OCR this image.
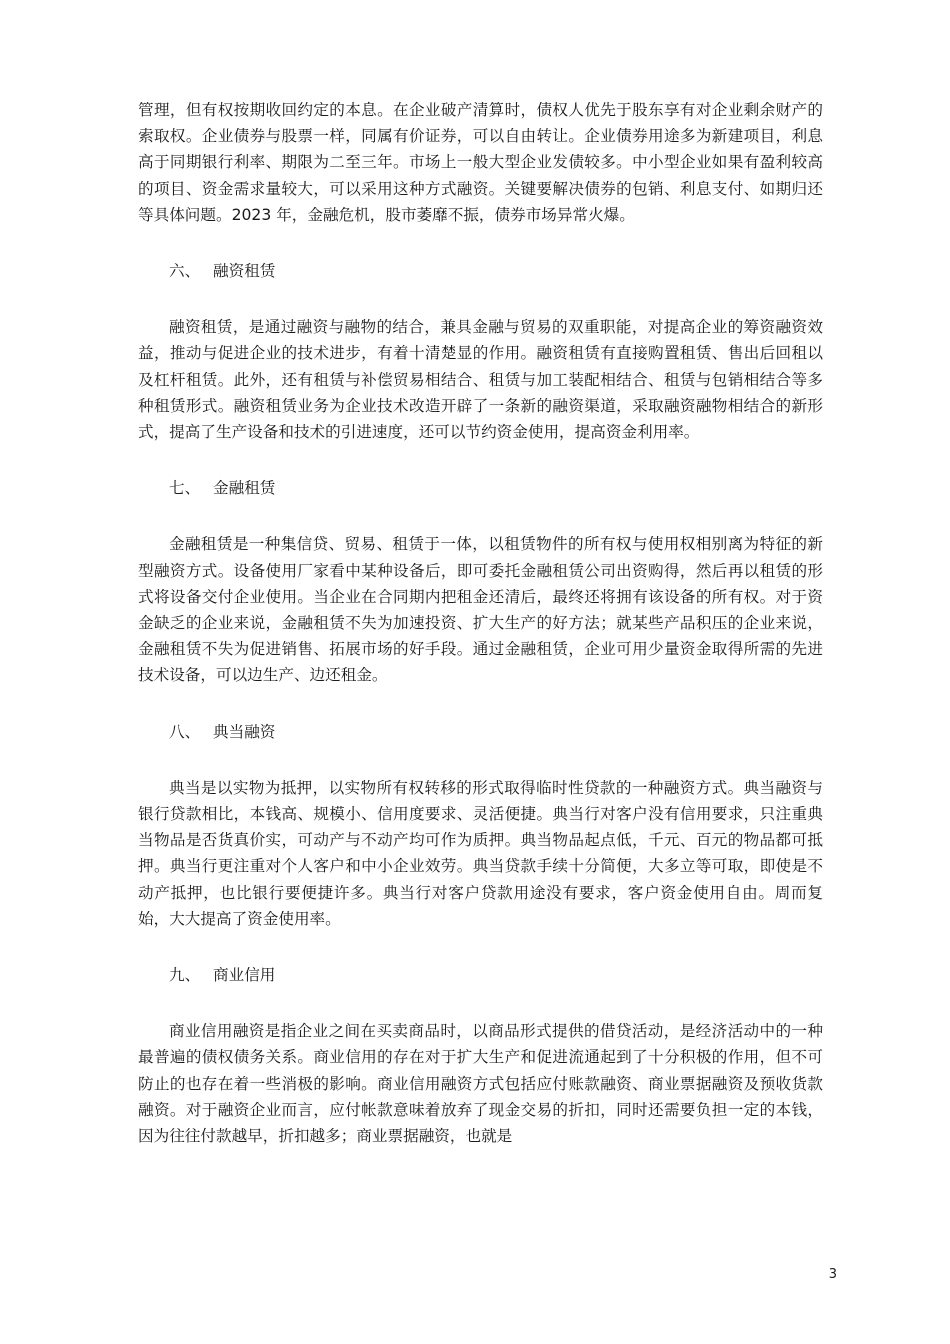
管理，但有权按期收回约定的本息。在企业破产清算时，债权人优先于股东享有对企业剩余财产的索取权。企业债券与股票一样，同属有价证券，可以自由转让。企业债券用途多为新建项目，利息高于同期银行利率、期限为二至三年。市场上一般大型企业发债较多。中小型企业如果有盈利较高的项目、资金需求量较大，可以采用这种方式融资。关键要解决债券的包销、利息支付、如期归还等具体问题。2023 年，金融危机，股市萎靡不振，债券市场异常火爆。

六、 融资租赁

融资租赁，是通过融资与融物的结合，兼具金融与贸易的双重职能，对提高企业的筹资融资效益，推动与促进企业的技术进步，有着十清楚显的作用。融资租赁有直接购置租赁、售出后回租以及杠杆租赁。此外，还有租赁与补偿贸易相结合、租赁与加工装配相结合、租赁与包销相结合等多种租赁形式。融资租赁业务为企业技术改造开辟了一条新的融资渠道，采取融资融物相结合的新形式，提高了生产设备和技术的引进速度，还可以节约资金使用，提高资金利用率。

七、 金融租赁

金融租赁是一种集信贷、贸易、租赁于一体，以租赁物件的所有权与使用权相别离为特征的新型融资方式。设备使用厂家看中某种设备后，即可委托金融租赁公司出资购得，然后再以租赁的形式将设备交付企业使用。当企业在合同期内把租金还清后，最终还将拥有该设备的所有权。对于资金缺乏的企业来说，金融租赁不失为加速投资、扩大生产的好方法；就某些产品积压的企业来说，金融租赁不失为促进销售、拓展市场的好手段。通过金融租赁，企业可用少量资金取得所需的先进技术设备，可以边生产、边还租金。

八、 典当融资

典当是以实物为抵押，以实物所有权转移的形式取得临时性贷款的一种融资方式。典当融资与银行贷款相比，本钱高、规模小、信用度要求、灵活便捷。典当行对客户没有信用要求，只注重典当物品是否货真价实，可动产与不动产均可作为质押。典当物品起点低，千元、百元的物品都可抵押。典当行更注重对个人客户和中小企业效劳。典当贷款手续十分简便，大多立等可取，即使是不动产抵押，也比银行要便捷许多。典当行对客户贷款用途没有要求，客户资金使用自由。周而复始，大大提高了资金使用率。

九、 商业信用

商业信用融资是指企业之间在买卖商品时，以商品形式提供的借贷活动，是经济活动中的一种最普遍的债权债务关系。商业信用的存在对于扩大生产和促进流通起到了十分积极的作用，但不可防止的也存在着一些消极的影响。商业信用融资方式包括应付账款融资、商业票据融资及预收货款融资。对于融资企业而言，应付帐款意味着放弃了现金交易的折扣，同时还需要负担一定的本钱，因为往往付款越早，折扣越多；商业票据融资，也就是

3
